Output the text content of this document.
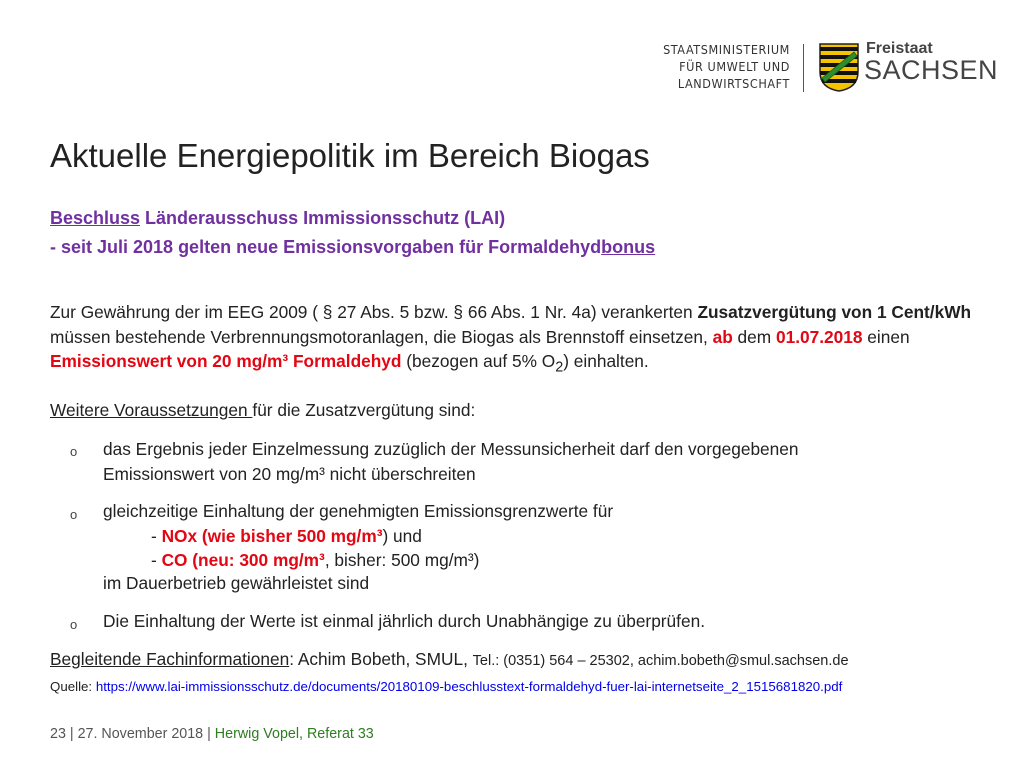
STAATSMINISTERIUM
FÜR UMWELT UND
LANDWIRTSCHAFT
Freistaat
SACHSEN
Aktuelle Energiepolitik im Bereich Biogas
Beschluss Länderausschuss Immissionsschutz (LAI)
- seit Juli 2018 gelten neue Emissionsvorgaben für Formaldehydbonus
Zur Gewährung der im EEG 2009 ( § 27 Abs. 5 bzw. § 66 Abs. 1 Nr. 4a) verankerten Zusatzvergütung von 1 Cent/kWh müssen bestehende Verbrennungsmotoranlagen, die Biogas als Brennstoff einsetzen, ab dem 01.07.2018 einen Emissionswert von 20 mg/m³ Formaldehyd (bezogen auf 5% $O_2$) einhalten.
Weitere Voraussetzungen für die Zusatzvergütung sind:
o das Ergebnis jeder Einzelmessung zuzüglich der Messunsicherheit darf den vorgegebenen
Emissionswert von 20 mg/m³ nicht überschreiten
o gleichzeitige Einhaltung der genehmigten Emissionsgrenzwerte für
- NOx (wie bisher 500 mg/m³) und
- CO (neu: 300 mg/m³, bisher: 500 mg/m³)
im Dauerbetrieb gewährleistet sind
o Die Einhaltung der Werte ist einmal jährlich durch Unabhängige zu überprüfen.
Begleitende Fachinformationen: Achim Bobeth, SMUL, Tel.: (0351) 564 – 25302, achim.bobeth@smul.sachsen.de
Quelle: https://www.lai-immissionsschutz.de/documents/20180109-beschlusstext-formaldehyd-fuer-lai-internetseite_2_1515681820.pdf
23 | 27. November 2018 | Herwig Vopel, Referat 33
